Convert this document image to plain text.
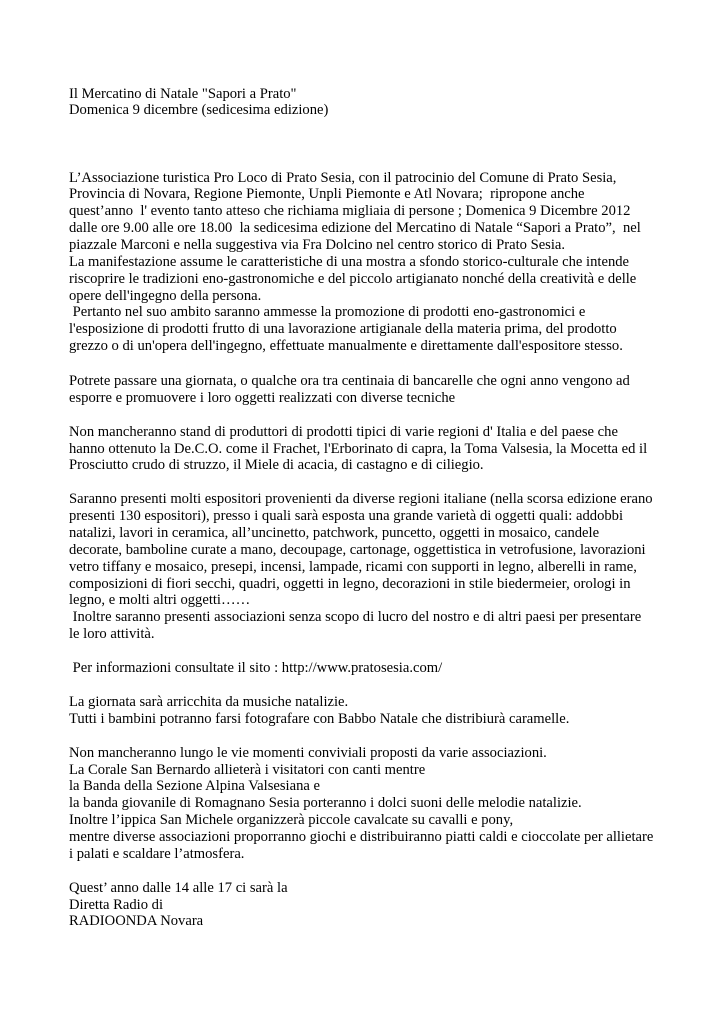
Il Mercatino di Natale "Sapori a Prato"
Domenica 9 dicembre (sedicesima edizione)
L’Associazione turistica Pro Loco di Prato Sesia, con il patrocinio del Comune di Prato Sesia,
Provincia di Novara, Regione Piemonte, Unpli Piemonte e Atl Novara;  ripropone anche
quest’anno  l' evento tanto atteso che richiama migliaia di persone ; Domenica 9 Dicembre 2012
dalle ore 9.00 alle ore 18.00  la sedicesima edizione del Mercatino di Natale “Sapori a Prato”,  nel
piazzale Marconi e nella suggestiva via Fra Dolcino nel centro storico di Prato Sesia.
La manifestazione assume le caratteristiche di una mostra a sfondo storico-culturale che intende
riscoprire le tradizioni eno-gastronomiche e del piccolo artigianato nonché della creatività e delle
opere dell'ingegno della persona.
Pertanto nel suo ambito saranno ammesse la promozione di prodotti eno-gastronomici e
l'esposizione di prodotti frutto di una lavorazione artigianale della materia prima, del prodotto
grezzo o di un'opera dell'ingegno, effettuate manualmente e direttamente dall'espositore stesso.
Potrete passare una giornata, o qualche ora tra centinaia di bancarelle che ogni anno vengono ad
esporre e promuovere i loro oggetti realizzati con diverse tecniche
Non mancheranno stand di produttori di prodotti tipici di varie regioni d' Italia e del paese che
hanno ottenuto la De.C.O. come il Frachet, l'Erborinato di capra, la Toma Valsesia, la Mocetta ed il
Prosciutto crudo di struzzo, il Miele di acacia, di castagno e di ciliegio.
Saranno presenti molti espositori provenienti da diverse regioni italiane (nella scorsa edizione erano
presenti 130 espositori), presso i quali sarà esposta una grande varietà di oggetti quali: addobbi
natalizi, lavori in ceramica, all’uncinetto, patchwork, puncetto, oggetti in mosaico, candele
decorate, bamboline curate a mano, decoupage, cartonage, oggettistica in vetrofusione, lavorazioni
vetro tiffany e mosaico, presepi, incensi, lampade, ricami con supporti in legno, alberelli in rame,
composizioni di fiori secchi, quadri, oggetti in legno, decorazioni in stile biedermeier, orologi in
legno, e molti altri oggetti……
Inoltre saranno presenti associazioni senza scopo di lucro del nostro e di altri paesi per presentare
le loro attività.
Per informazioni consultate il sito : http://www.pratosesia.com/
La giornata sarà arricchita da musiche natalizie.
Tutti i bambini potranno farsi fotografare con Babbo Natale che distribiurà caramelle.
Non mancheranno lungo le vie momenti conviviali proposti da varie associazioni.
La Corale San Bernardo allieterà i visitatori con canti mentre
la Banda della Sezione Alpina Valsesiana e
la banda giovanile di Romagnano Sesia porteranno i dolci suoni delle melodie natalizie.
Inoltre l’ippica San Michele organizzerà piccole cavalcate su cavalli e pony,
mentre diverse associazioni proporranno giochi e distribuiranno piatti caldi e cioccolate per allietare
i palati e scaldare l’atmosfera.
Quest’ anno dalle 14 alle 17 ci sarà la
Diretta Radio di
RADIOONDA Novara
